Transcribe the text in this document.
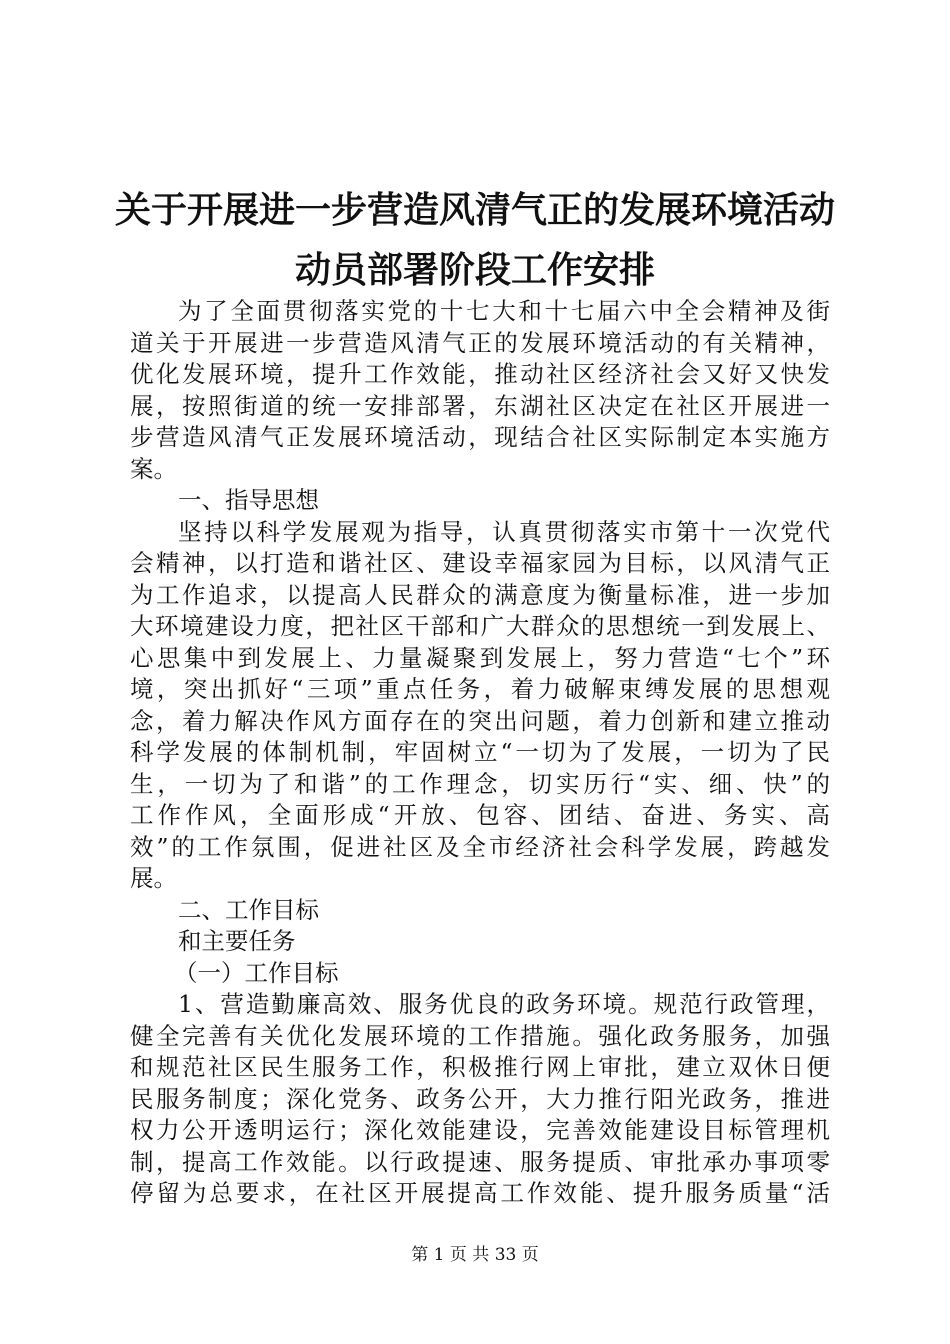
关于开展进一步营造风清气正的发展环境活动
动员部署阶段工作安排
为了全面贯彻落实党的十七大和十七届六中全会精神及街
道关于开展进一步营造风清气正的发展环境活动的有关精神，
优化发展环境，提升工作效能，推动社区经济社会又好又快发
展，按照街道的统一安排部署，东湖社区决定在社区开展进一
步营造风清气正发展环境活动，现结合社区实际制定本实施方
案。
一、指导思想
坚持以科学发展观为指导，认真贯彻落实市第十一次党代
会精神，以打造和谐社区、建设幸福家园为目标，以风清气正
为工作追求，以提高人民群众的满意度为衡量标准，进一步加
大环境建设力度，把社区干部和广大群众的思想统一到发展上、
心思集中到发展上、力量凝聚到发展上，努力营造“七个”环
境，突出抓好“三项”重点任务，着力破解束缚发展的思想观
念，着力解决作风方面存在的突出问题，着力创新和建立推动
科学发展的体制机制，牢固树立“一切为了发展，一切为了民
生，一切为了和谐”的工作理念，切实历行“实、细、快”的
工作作风，全面形成“开放、包容、团结、奋进、务实、高
效”的工作氛围，促进社区及全市经济社会科学发展，跨越发
展。
二、工作目标
和主要任务
（一）工作目标
1、营造勤廉高效、服务优良的政务环境。规范行政管理，
健全完善有关优化发展环境的工作措施。强化政务服务，加强
和规范社区民生服务工作，积极推行网上审批，建立双休日便
民服务制度；深化党务、政务公开，大力推行阳光政务，推进
权力公开透明运行；深化效能建设，完善效能建设目标管理机
制，提高工作效能。以行政提速、服务提质、审批承办事项零
停留为总要求，在社区开展提高工作效能、提升服务质量“活
第 1 页 共 33 页
